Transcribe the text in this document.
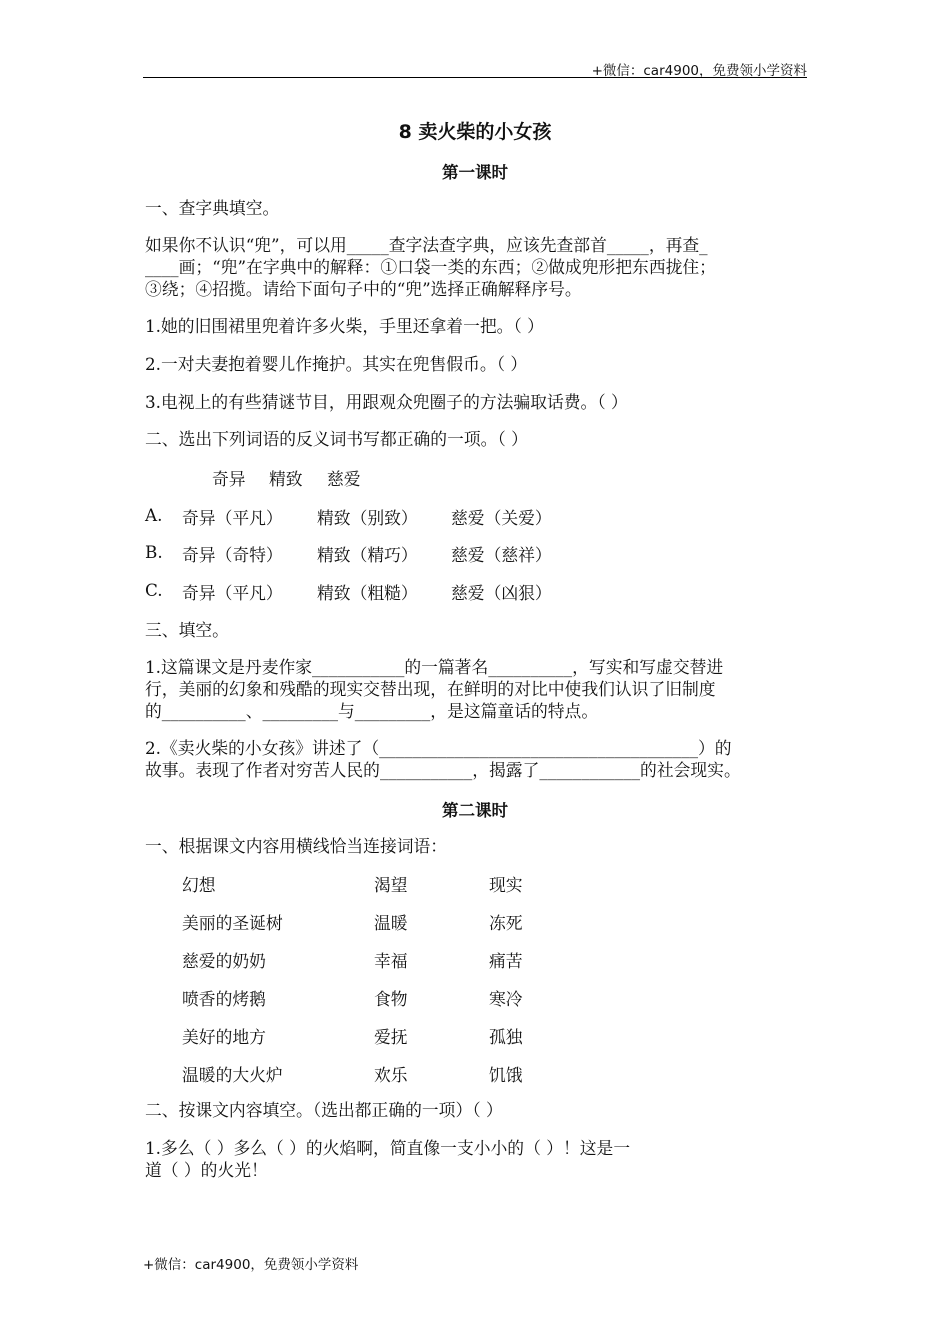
+微信：car4900，免费领小学资料
8 卖火柴的小女孩
第一课时
一、查字典填空。
如果你不认识“兜”，可以用_____查字法查字典，应该先查部首_____，再查_
____画；“兜”在字典中的解释：①口袋一类的东西；②做成兜形把东西拢住；
③绕；④招揽。请给下面句子中的“兜”选择正确解释序号。
1.她的旧围裙里兜着许多火柴，手里还拿着一把。（ ）
2.一对夫妻抱着婴儿作掩护。其实在兜售假币。（ ）
3.电视上的有些猜谜节目，用跟观众兜圈子的方法骗取话费。（ ）
二、选出下列词语的反义词书写都正确的一项。（ ）
奇异 精致 慈爱
A. 奇异（平凡） 精致（别致） 慈爱（关爱）
B. 奇异（奇特） 精致（精巧） 慈爱（慈祥）
C. 奇异（平凡） 精致（粗糙） 慈爱（凶狠）
三、填空。
1.这篇课文是丹麦作家___________的一篇著名__________，写实和写虚交替进
行，美丽的幻象和残酷的现实交替出现，在鲜明的对比中使我们认识了旧制度
的__________、_________与_________，是这篇童话的特点。
2.《卖火柴的小女孩》讲述了（______________________________________）的
故事。表现了作者对穷苦人民的___________，揭露了____________的社会现实。
第二课时
一、根据课文内容用横线恰当连接词语：
幻想	渴望	现实
美丽的圣诞树	温暖	冻死
慈爱的奶奶	幸福	痛苦
喷香的烤鹅	食物	寒冷
美好的地方	爱抚	孤独
温暖的大火炉	欢乐	饥饿
二、按课文内容填空。（选出都正确的一项）（ ）
1.多么（ ）多么（ ）的火焰啊，简直像一支小小的（ ）！这是一
道（ ）的火光！
+微信：car4900，免费领小学资料
